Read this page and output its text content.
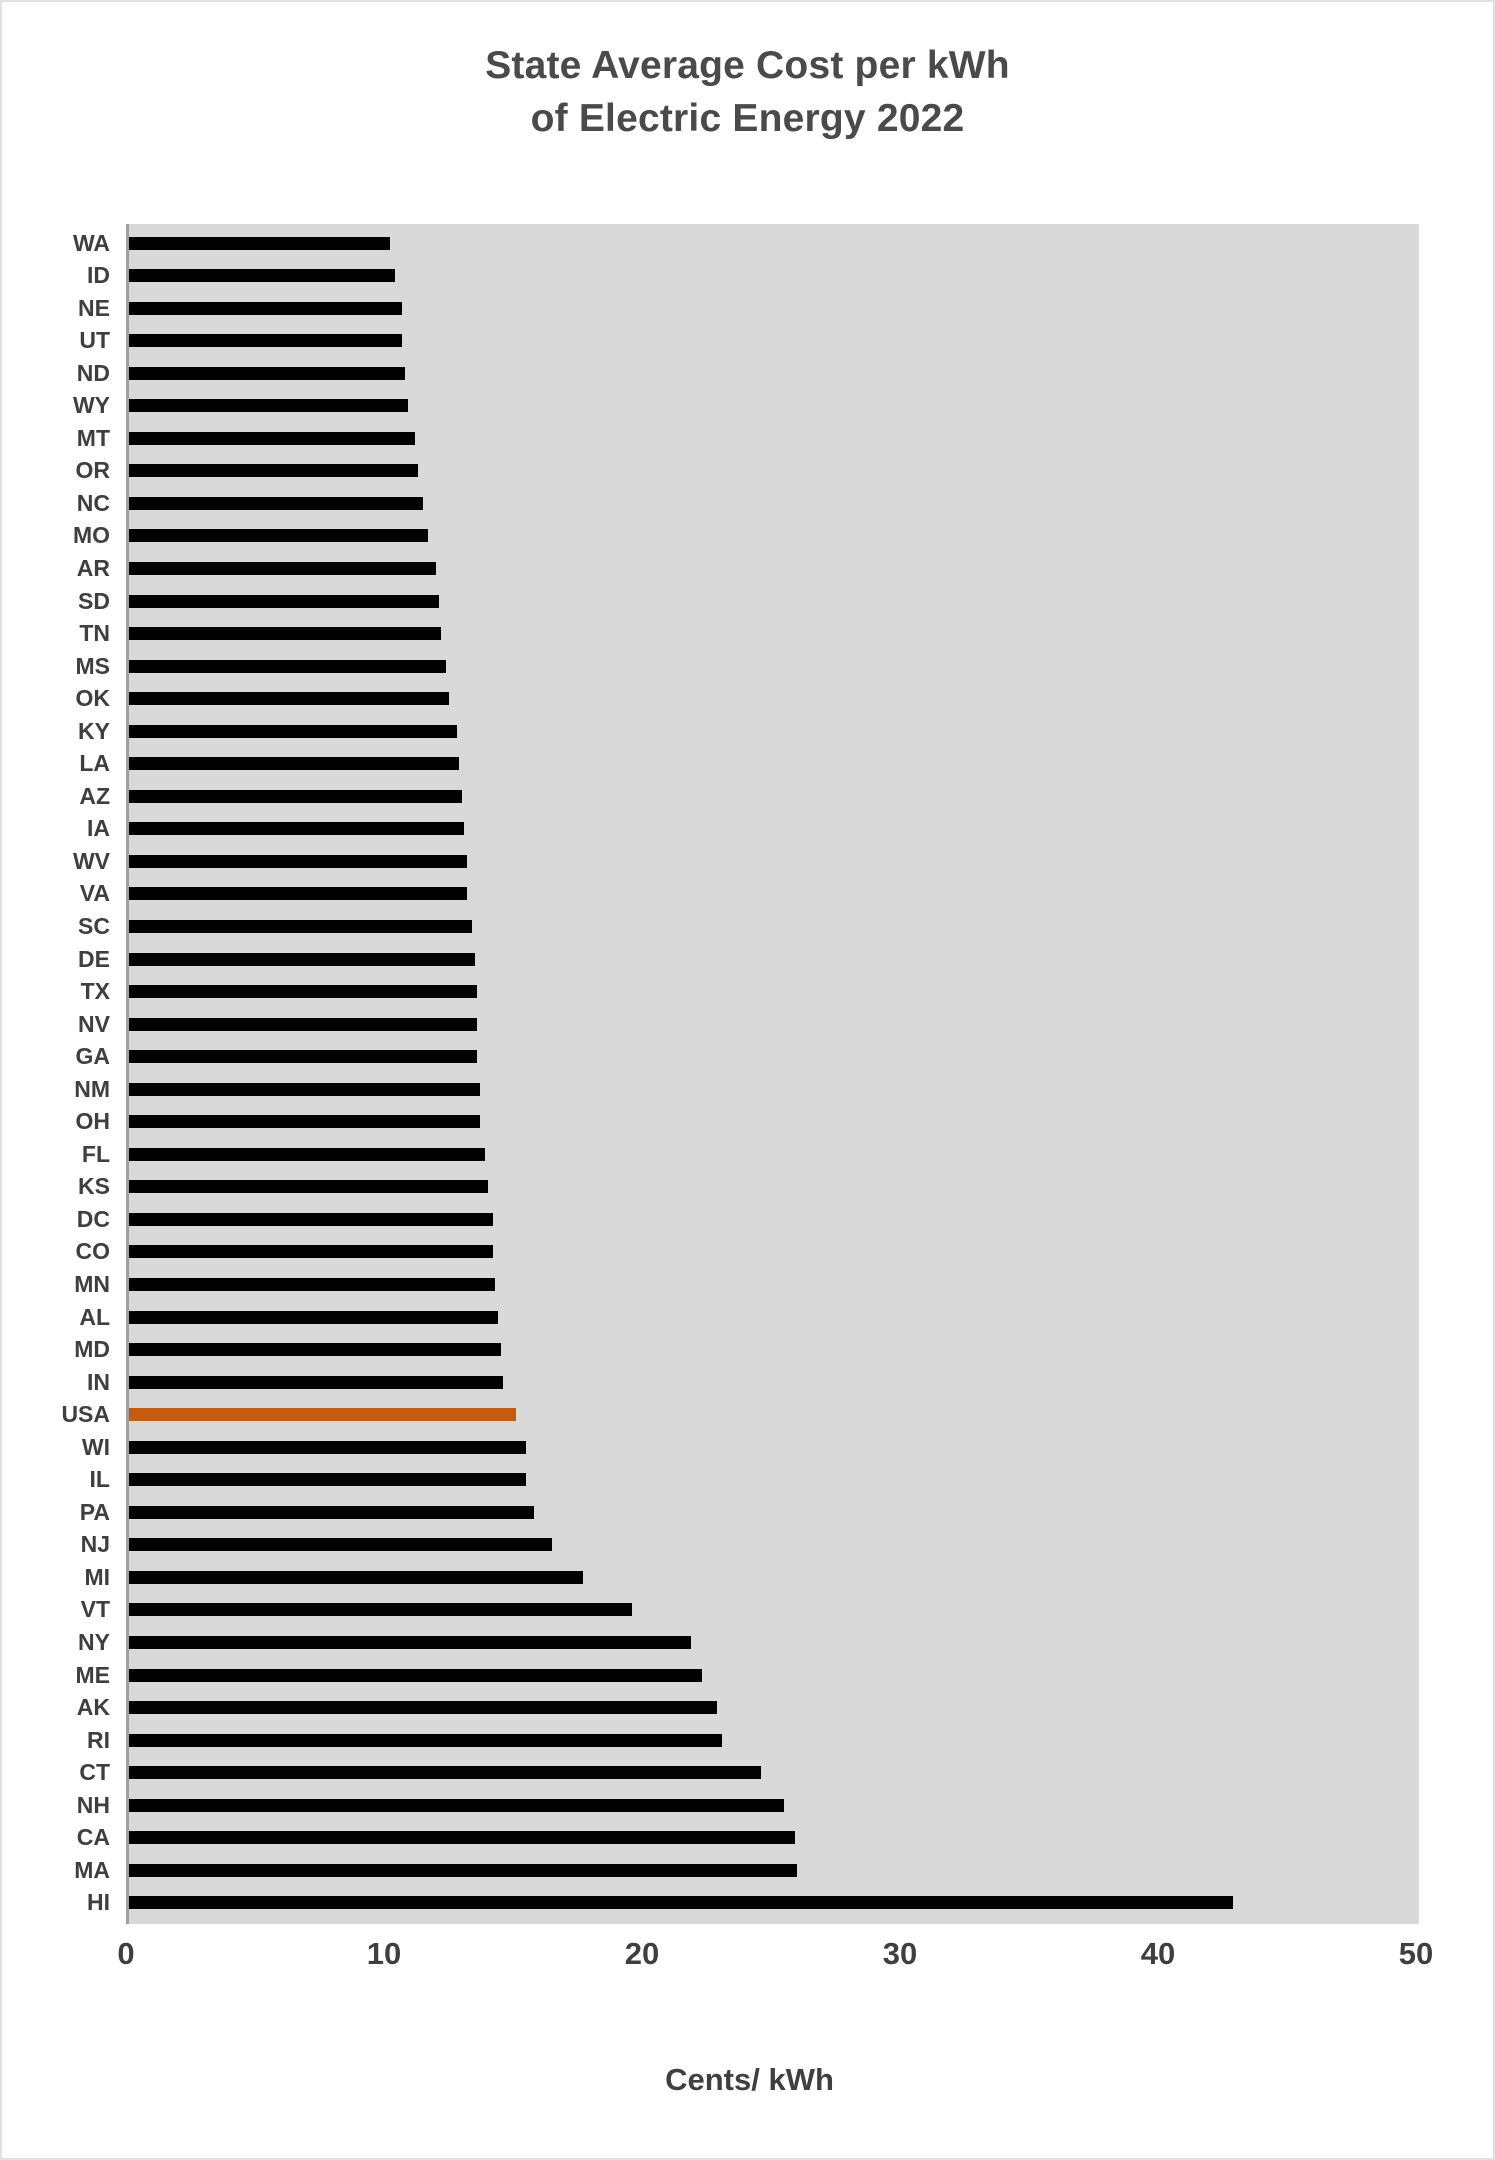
State Average Cost per kWh
of Electric Energy 2022
WA
ID
NE
UT
ND
WY
MT
OR
NC
MO
AR
SD
TN
MS
OK
KY
LA
AZ
IA
WV
VA
SC
DE
TX
NV
GA
NM
OH
FL
KS
DC
CO
MN
AL
MD
IN
USA
WI
IL
PA
NJ
MI
VT
NY
ME
AK
RI
CT
NH
CA
MA
HI
0	10	20	30	40	50
Cents/ kWh
